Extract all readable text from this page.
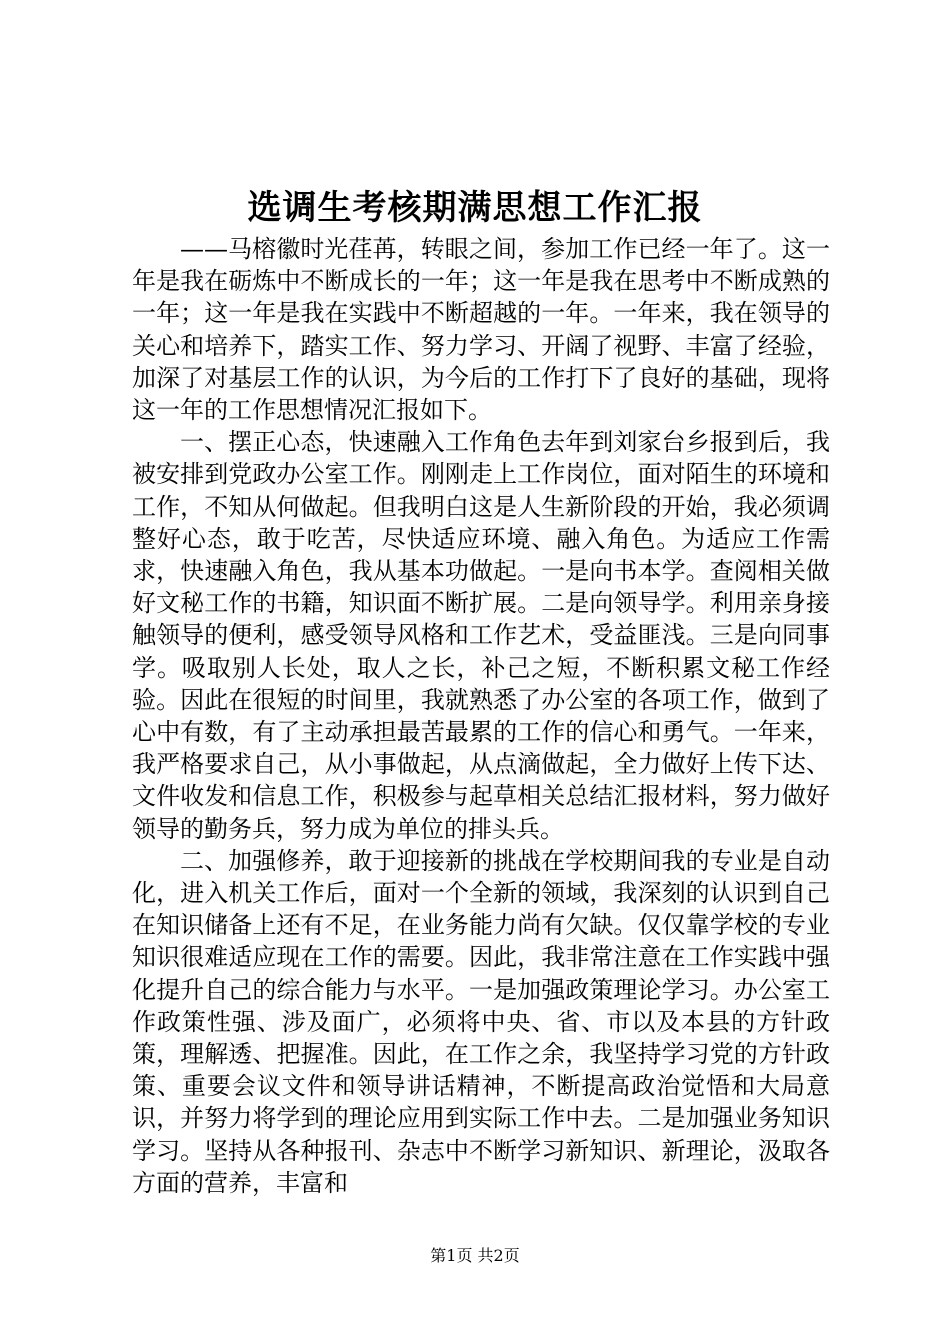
选调生考核期满思想工作汇报

——马榕徽时光荏苒，转眼之间，参加工作已经一年了。这一年是我在砺炼中不断成长的一年；这一年是我在思考中不断成熟的一年；这一年是我在实践中不断超越的一年。一年来，我在领导的关心和培养下，踏实工作、努力学习、开阔了视野、丰富了经验，加深了对基层工作的认识，为今后的工作打下了良好的基础，现将这一年的工作思想情况汇报如下。

一、摆正心态，快速融入工作角色去年到刘家台乡报到后，我被安排到党政办公室工作。刚刚走上工作岗位，面对陌生的环境和工作，不知从何做起。但我明白这是人生新阶段的开始，我必须调整好心态，敢于吃苦，尽快适应环境、融入角色。为适应工作需求，快速融入角色，我从基本功做起。一是向书本学。查阅相关做好文秘工作的书籍，知识面不断扩展。二是向领导学。利用亲身接触领导的便利，感受领导风格和工作艺术，受益匪浅。三是向同事学。吸取别人长处，取人之长，补己之短，不断积累文秘工作经验。因此在很短的时间里，我就熟悉了办公室的各项工作，做到了心中有数，有了主动承担最苦最累的工作的信心和勇气。一年来，我严格要求自己，从小事做起，从点滴做起，全力做好上传下达、文件收发和信息工作，积极参与起草相关总结汇报材料，努力做好领导的勤务兵，努力成为单位的排头兵。

二、加强修养，敢于迎接新的挑战在学校期间我的专业是自动化，进入机关工作后，面对一个全新的领域，我深刻的认识到自己在知识储备上还有不足，在业务能力尚有欠缺。仅仅靠学校的专业知识很难适应现在工作的需要。因此，我非常注意在工作实践中强化提升自己的综合能力与水平。一是加强政策理论学习。办公室工作政策性强、涉及面广，必须将中央、省、市以及本县的方针政策，理解透、把握准。因此，在工作之余，我坚持学习党的方针政策、重要会议文件和领导讲话精神，不断提高政治觉悟和大局意识，并努力将学到的理论应用到实际工作中去。二是加强业务知识学习。坚持从各种报刊、杂志中不断学习新知识、新理论，汲取各方面的营养，丰富和

第1页 共2页
